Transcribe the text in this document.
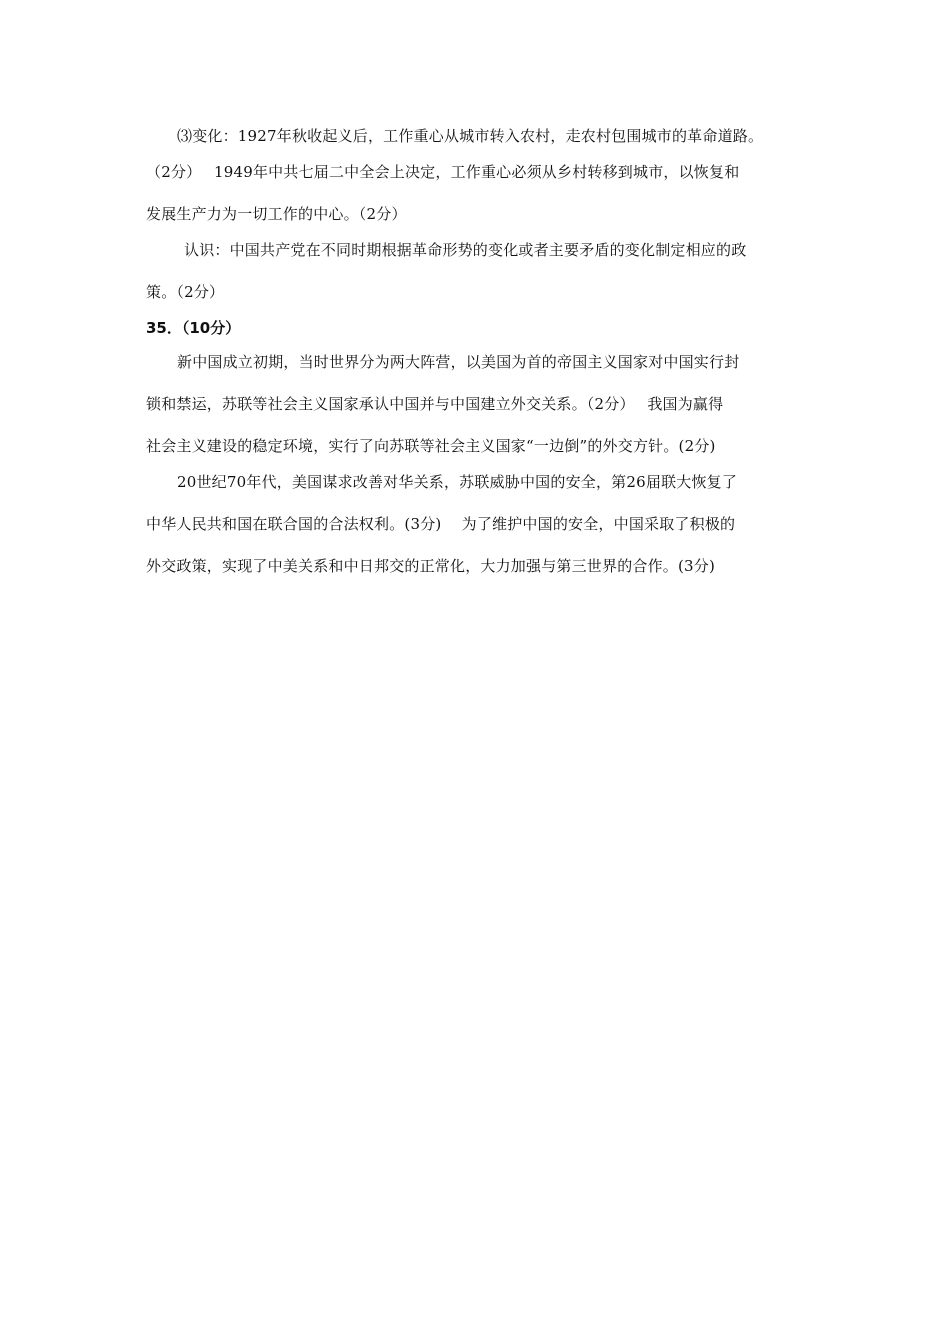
⑶变化：1927年秋收起义后，工作重心从城市转入农村，走农村包围城市的革命道路。
（2分）　 1949年中共七届二中全会上决定，工作重心必须从乡村转移到城市，以恢复和
发展生产力为一切工作的中心。（2分）
认识：中国共产党在不同时期根据革命形势的变化或者主要矛盾的变化制定相应的政
策。（2分）
35．（10分）
新中国成立初期，当时世界分为两大阵营，以美国为首的帝国主义国家对中国实行封
锁和禁运，苏联等社会主义国家承认中国并与中国建立外交关系。（2分）　 我国为赢得
社会主义建设的稳定环境，实行了向苏联等社会主义国家“一边倒”的外交方针。(2分)
20世纪70年代，美国谋求改善对华关系，苏联威胁中国的安全，第26届联大恢复了
中华人民共和国在联合国的合法权利。(3分)　 为了维护中国的安全，中国采取了积极的
外交政策，实现了中美关系和中日邦交的正常化，大力加强与第三世界的合作。(3分)
